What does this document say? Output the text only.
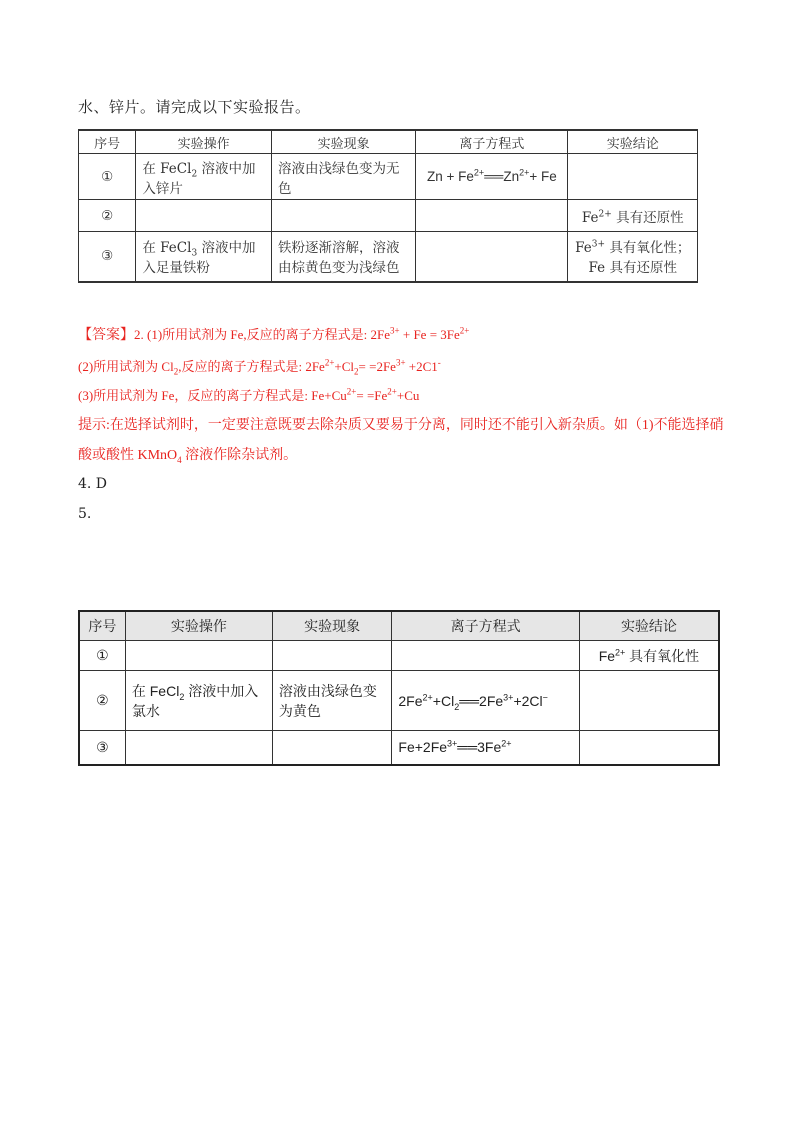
水、锌片。请完成以下实验报告。
序号	实验操作	实验现象	离子方程式	实验结论
①	在 FeCl$_2$ 溶液中加入锌片	溶液由浅绿色变为无色	$Zn + Fe^{2+}══Zn^{2+}+ Fe$	
②				$Fe^{2+}$ 具有还原性
③	在 FeCl$_3$ 溶液中加入足量铁粉	铁粉逐渐溶解，溶液由棕黄色变为浅绿色		$Fe^{3+}$ 具有氧化性；
Fe 具有还原性
【答案】2. (1)所用试剂为 Fe,反应的离子方程式是: $2Fe^{3+} + Fe = 3Fe^{2+}$
(2)所用试剂为 $Cl_2$,反应的离子方程式是: $2Fe^{2+}+Cl_2= =2Fe^{3+} +2C1^-$
(3)所用试剂为 Fe，反应的离子方程式是: $Fe+Cu^{2+}= =Fe^{2+}+Cu$
提示:在选择试剂时，一定要注意既要去除杂质又要易于分离，同时还不能引入新杂质。如（1)不能选择硝
酸或酸性 KMnO$_4$ 溶液作除杂试剂。
4. D
5.
序号	实验操作	实验现象	离子方程式	实验结论
①				$Fe^{2+}$ 具有氧化性
②	在 FeCl$_2$ 溶液中加入氯水	溶液由浅绿色变为黄色	$2Fe^{2+}+Cl_2══2Fe^{3+}+2Cl^-$	
③			$Fe+2Fe^{3+}══3Fe^{2+}$	
